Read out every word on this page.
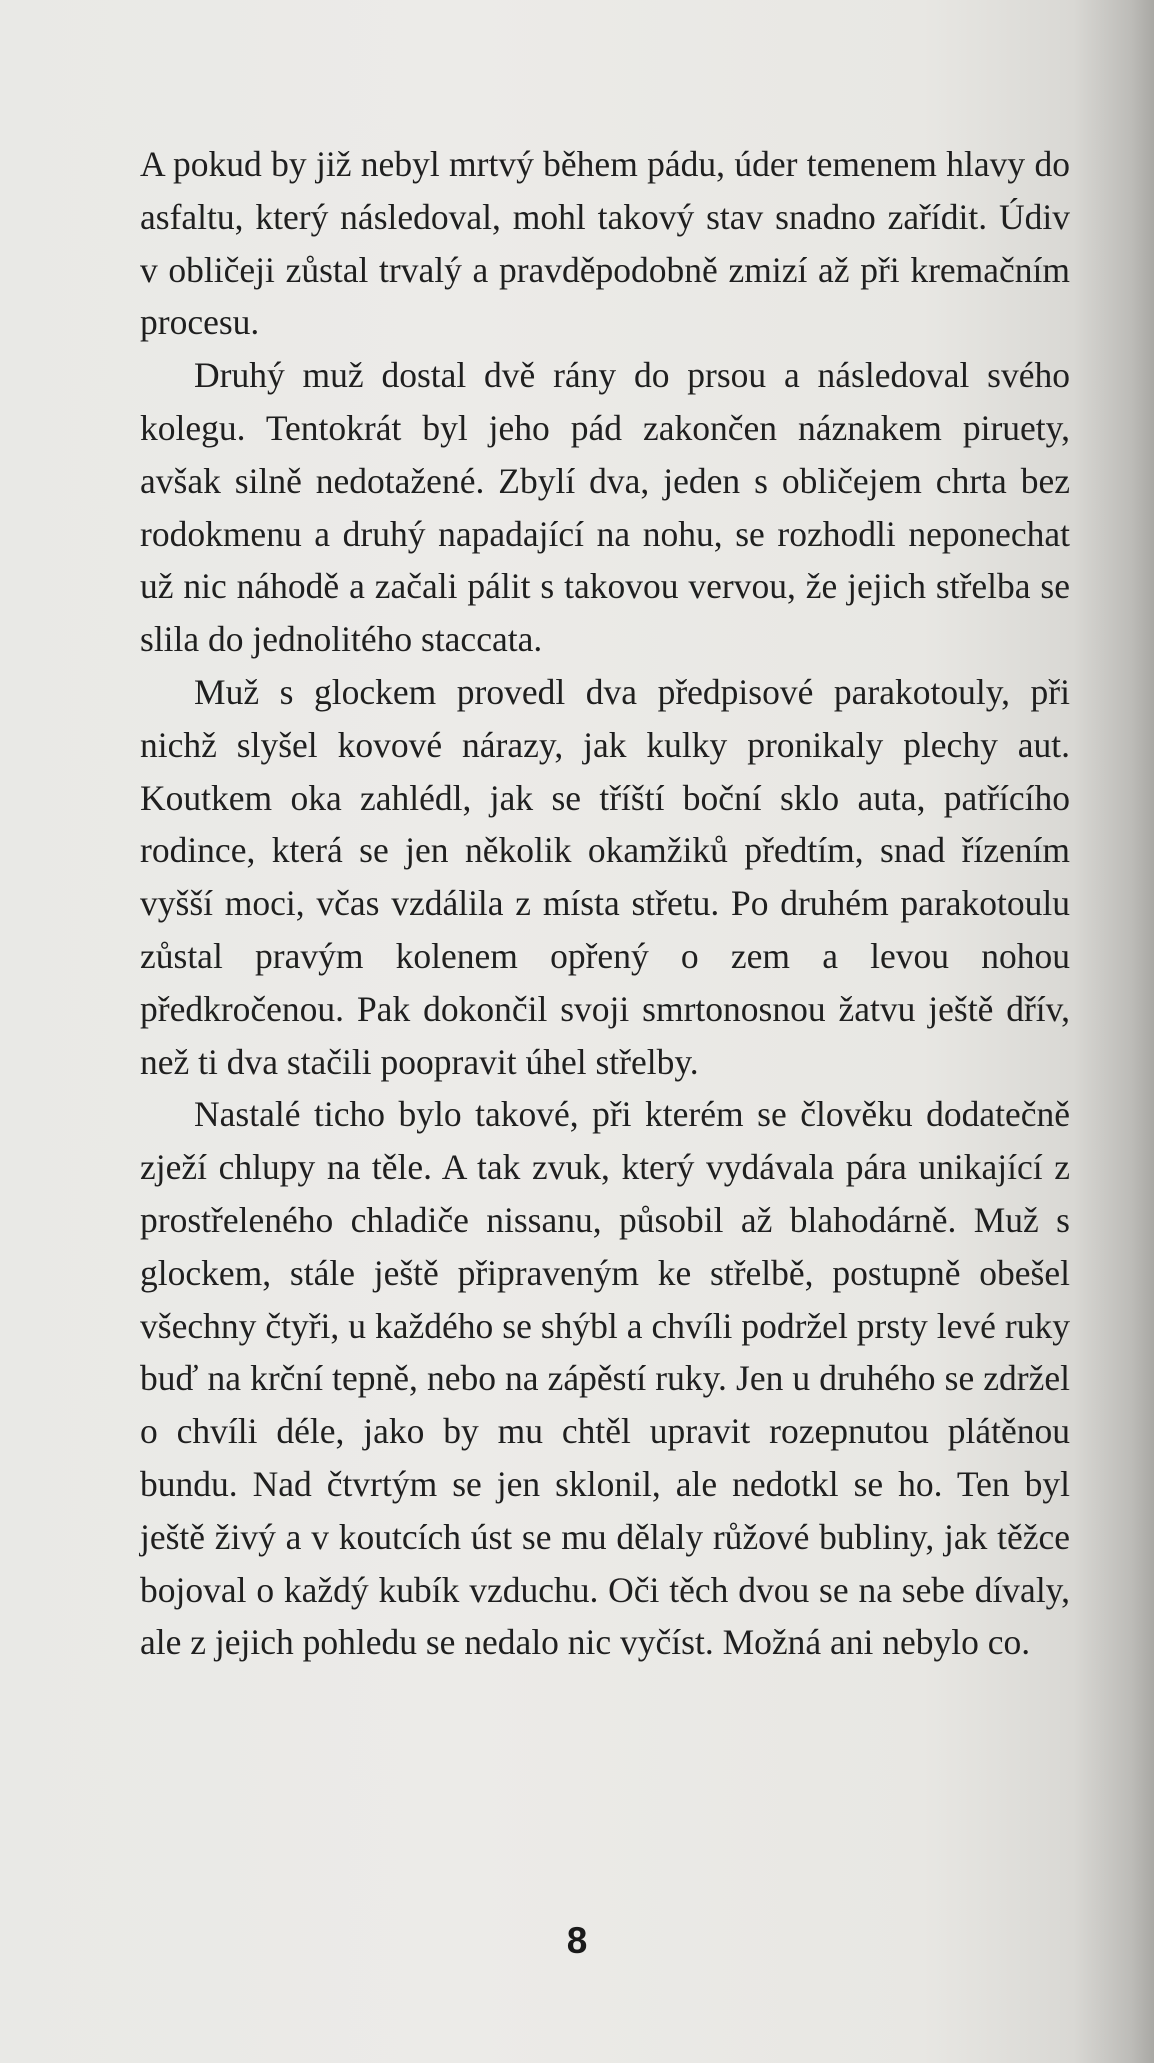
A pokud by již nebyl mrtvý během pádu, úder temenem hlavy do asfaltu, který následoval, mohl takový stav snadno zařídit. Údiv v obličeji zůstal trvalý a pravděpodobně zmizí až při kremačním procesu.

Druhý muž dostal dvě rány do prsou a následoval svého kolegu. Tentokrát byl jeho pád zakončen náznakem piruety, avšak silně nedotažené. Zbylí dva, jeden s obličejem chrta bez rodokmenu a druhý napadající na nohu, se rozhodli neponechat už nic náhodě a začali pálit s takovou vervou, že jejich střelba se slila do jednolitého staccata.

Muž s glockem provedl dva předpisové parakotouly, při nichž slyšel kovové nárazy, jak kulky pronikaly plechy aut. Koutkem oka zahlédl, jak se tříští boční sklo auta, patřícího rodince, která se jen několik okamžiků předtím, snad řízením vyšší moci, včas vzdálila z místa střetu. Po druhém parakotoulu zůstal pravým kolenem opřený o zem a levou nohou předkročenou. Pak dokončil svoji smrtonosnou žatvu ještě dřív, než ti dva stačili poopravit úhel střelby.

Nastalé ticho bylo takové, při kterém se člověku dodatečně zježí chlupy na těle. A tak zvuk, který vydávala pára unikající z prostřeleného chladiče nissanu, působil až blahodárně. Muž s glockem, stále ještě připraveným ke střelbě, postupně obešel všechny čtyři, u každého se shýbl a chvíli podržel prsty levé ruky buď na krční tepně, nebo na zápěstí ruky. Jen u druhého se zdržel o chvíli déle, jako by mu chtěl upravit rozepnutou plátěnou bundu. Nad čtvrtým se jen sklonil, ale nedotkl se ho. Ten byl ještě živý a v koutcích úst se mu dělaly růžové bubliny, jak těžce bojoval o každý kubík vzduchu. Oči těch dvou se na sebe dívaly, ale z jejich pohledu se nedalo nic vyčíst. Možná ani nebylo co.

8
